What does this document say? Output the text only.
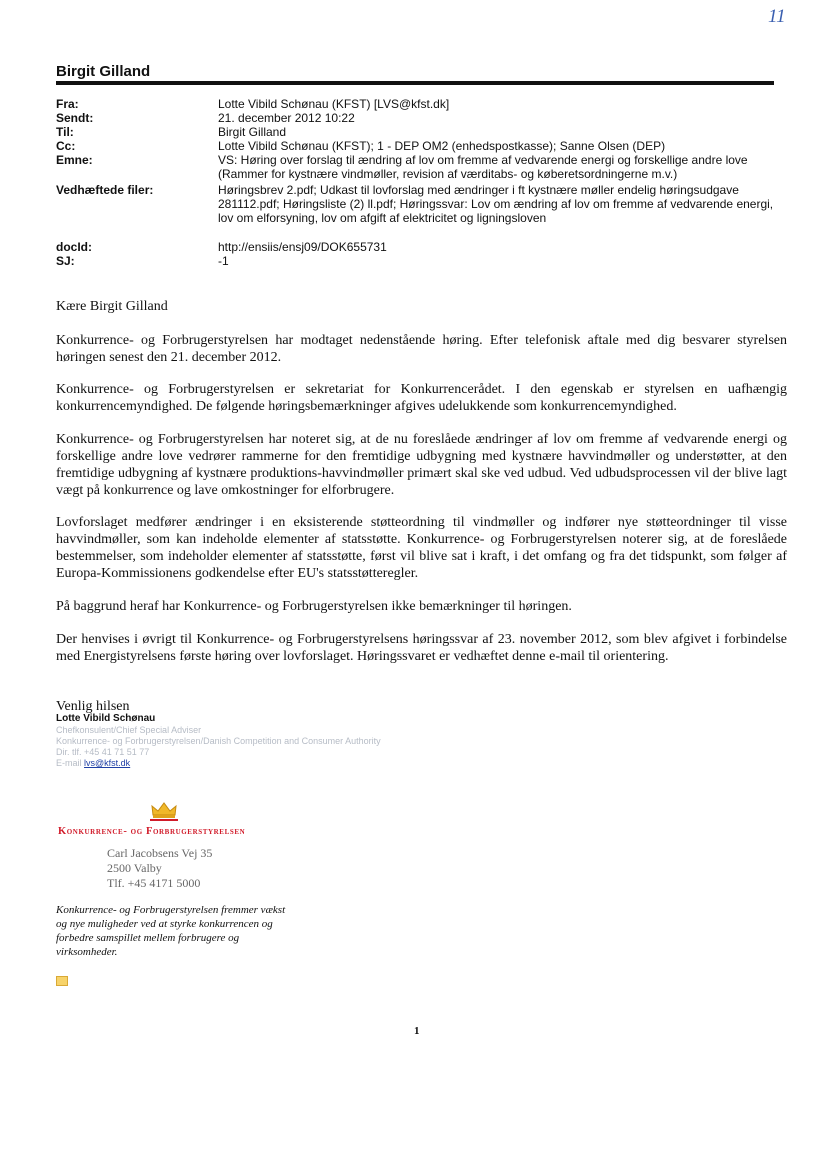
11
Birgit Gilland
Fra:	Lotte Vibild Schønau (KFST) [LVS@kfst.dk]
Sendt:	21. december 2012 10:22
Til:	Birgit Gilland
Cc:	Lotte Vibild Schønau (KFST); 1 - DEP OM2 (enhedspostkasse); Sanne Olsen (DEP)
Emne:	VS: Høring over forslag til ændring af lov om fremme af vedvarende energi og forskellige andre love (Rammer for kystnære vindmøller, revision af værditabs- og køberetsordningerne m.v.)
Vedhæftede filer:	Høringsbrev 2.pdf; Udkast til lovforslag med ændringer i ft kystnære møller endelig høringsudgave 281112.pdf; Høringsliste (2) ll.pdf; Høringssvar: Lov om ændring af lov om fremme af vedvarende energi, lov om elforsyning, lov om afgift af elektricitet og ligningsloven
docId:	http://ensiis/ensj09/DOK655731
SJ:	-1
Kære Birgit Gilland
Konkurrence- og Forbrugerstyrelsen har modtaget nedenstående høring. Efter telefonisk aftale med dig besvarer styrelsen høringen senest den 21. december 2012.
Konkurrence- og Forbrugerstyrelsen er sekretariat for Konkurrencerådet. I den egenskab er styrelsen en uafhængig konkurrencemyndighed. De følgende høringsbemærkninger afgives udelukkende som konkurrencemyndighed.
Konkurrence- og Forbrugerstyrelsen har noteret sig, at de nu foreslåede ændringer af lov om fremme af vedvarende energi og forskellige andre love vedrører rammerne for den fremtidige udbygning med kystnære havvindmøller og understøtter, at den fremtidige udbygning af kystnære produktions-havvindmøller primært skal ske ved udbud. Ved udbudsprocessen vil der blive lagt vægt på konkurrence og lave omkostninger for elforbrugere.
Lovforslaget medfører ændringer i en eksisterende støtteordning til vindmøller og indfører nye støtteordninger til visse havvindmøller, som kan indeholde elementer af statsstøtte. Konkurrence- og Forbrugerstyrelsen noterer sig, at de foreslåede bestemmelser, som indeholder elementer af statsstøtte, først vil blive sat i kraft, i det omfang og fra det tidspunkt, som følger af Europa-Kommissionens godkendelse efter EU's statsstøtteregler.
På baggrund heraf har Konkurrence- og Forbrugerstyrelsen ikke bemærkninger til høringen.
Der henvises i øvrigt til Konkurrence- og Forbrugerstyrelsens høringssvar af 23. november 2012, som blev afgivet i forbindelse med Energistyrelsens første høring over lovforslaget. Høringssvaret er vedhæftet denne e-mail til orientering.
Venlig hilsen
Lotte Vibild Schønau
Chefkonsulent/Chief Special Adviser
Konkurrence- og Forbrugerstyrelsen/Danish Competition and Consumer Authority
Dir. tlf. +45 41 71 51 77
E-mail lvs@kfst.dk
Konkurrence- og Forbrugerstyrelsen
Carl Jacobsens Vej 35
2500 Valby
Tlf. +45 4171 5000
Konkurrence- og Forbrugerstyrelsen fremmer vækst og nye muligheder ved at styrke konkurrencen og forbedre samspillet mellem forbrugere og virksomheder.
1
